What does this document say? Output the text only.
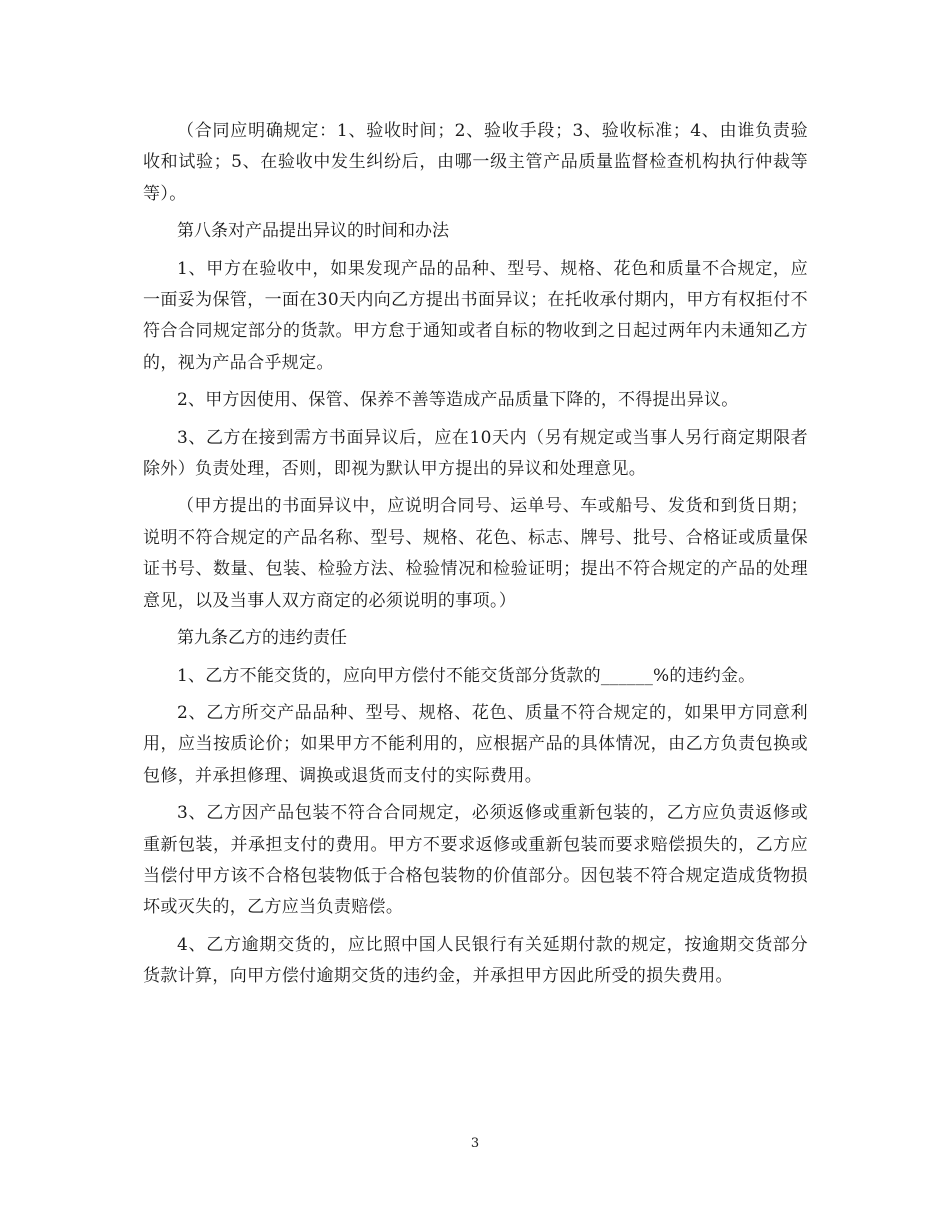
（合同应明确规定：1、验收时间；2、验收手段；3、验收标准；4、由谁负责验收和试验；5、在验收中发生纠纷后，由哪一级主管产品质量监督检查机构执行仲裁等等）。

第八条对产品提出异议的时间和办法

1、甲方在验收中，如果发现产品的品种、型号、规格、花色和质量不合规定，应一面妥为保管，一面在30天内向乙方提出书面异议；在托收承付期内，甲方有权拒付不符合合同规定部分的货款。甲方怠于通知或者自标的物收到之日起过两年内未通知乙方的，视为产品合乎规定。

2、甲方因使用、保管、保养不善等造成产品质量下降的，不得提出异议。

3、乙方在接到需方书面异议后，应在10天内（另有规定或当事人另行商定期限者除外）负责处理，否则，即视为默认甲方提出的异议和处理意见。

（甲方提出的书面异议中，应说明合同号、运单号、车或船号、发货和到货日期；说明不符合规定的产品名称、型号、规格、花色、标志、牌号、批号、合格证或质量保证书号、数量、包装、检验方法、检验情况和检验证明；提出不符合规定的产品的处理意见，以及当事人双方商定的必须说明的事项。）

第九条乙方的违约责任

1、乙方不能交货的，应向甲方偿付不能交货部分货款的______%的违约金。

2、乙方所交产品品种、型号、规格、花色、质量不符合规定的，如果甲方同意利用，应当按质论价；如果甲方不能利用的，应根据产品的具体情况，由乙方负责包换或包修，并承担修理、调换或退货而支付的实际费用。

3、乙方因产品包装不符合合同规定，必须返修或重新包装的，乙方应负责返修或重新包装，并承担支付的费用。甲方不要求返修或重新包装而要求赔偿损失的，乙方应当偿付甲方该不合格包装物低于合格包装物的价值部分。因包装不符合规定造成货物损坏或灭失的，乙方应当负责赔偿。

4、乙方逾期交货的，应比照中国人民银行有关延期付款的规定，按逾期交货部分货款计算，向甲方偿付逾期交货的违约金，并承担甲方因此所受的损失费用。

3
